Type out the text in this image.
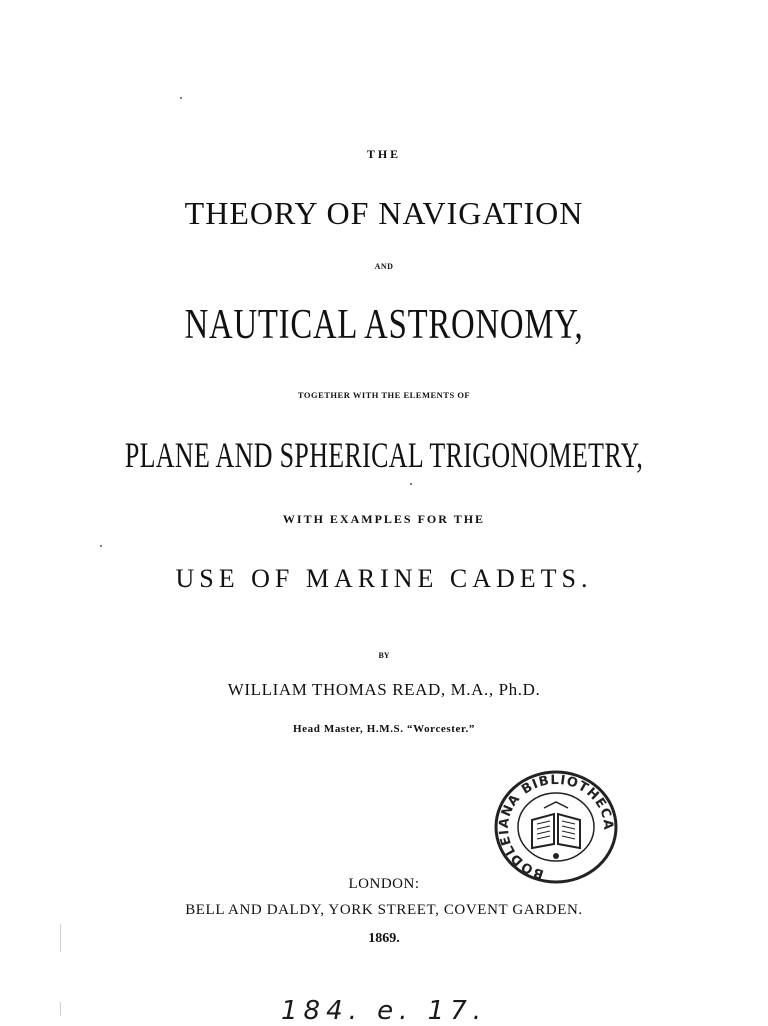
THE
THEORY OF NAVIGATION
AND
NAUTICAL ASTRONOMY,
TOGETHER WITH THE ELEMENTS OF
PLANE AND SPHERICAL TRIGONOMETRY,
WITH EXAMPLES FOR THE
USE OF MARINE CADETS.
BY
WILLIAM THOMAS READ, M.A., Ph.D.
Head Master, H.M.S. “Worcester.”
BODLEIANA BIBLIOTHECA
LONDON:
BELL AND DALDY, YORK STREET, COVENT GARDEN.
1869.
184. e. 17.
